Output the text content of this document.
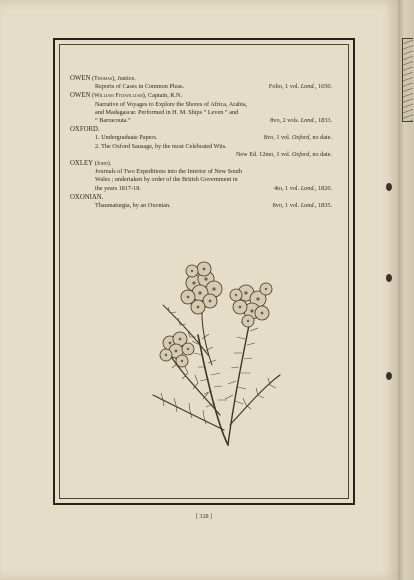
OWEN (Thomas), Justice.
Reports of Cases in Common Pleas.	Folio, 1 vol. Lond., 1650.
OWEN (William Fitzwilliam), Captain, R.N.
Narrative of Voyages to Explore the Shores of Africa, Arabia,
and Madagascar. Performed in H. M. Ships “ Leven ” and
“ Barracouta.”	8vo, 2 vols. Lond., 1833.
OXFORD.
1. Undergraduate Papers.	8vo, 1 vol. Oxford, no date.
2. The Oxford Sausage, by the most Celebrated Wits.
New Ed. 12mo, 1 vol. Oxford, no date.
OXLEY (John).
Journals of Two Expeditions into the Interior of New South
Wales ; undertaken by order of the British Government in
the years 1817-18.	4to, 1 vol. Lond., 1820.
OXONIAN.
Thaumaturgia, by an Oxonian.	8vo, 1 vol. Lond., 1835.
[ 328 ]
